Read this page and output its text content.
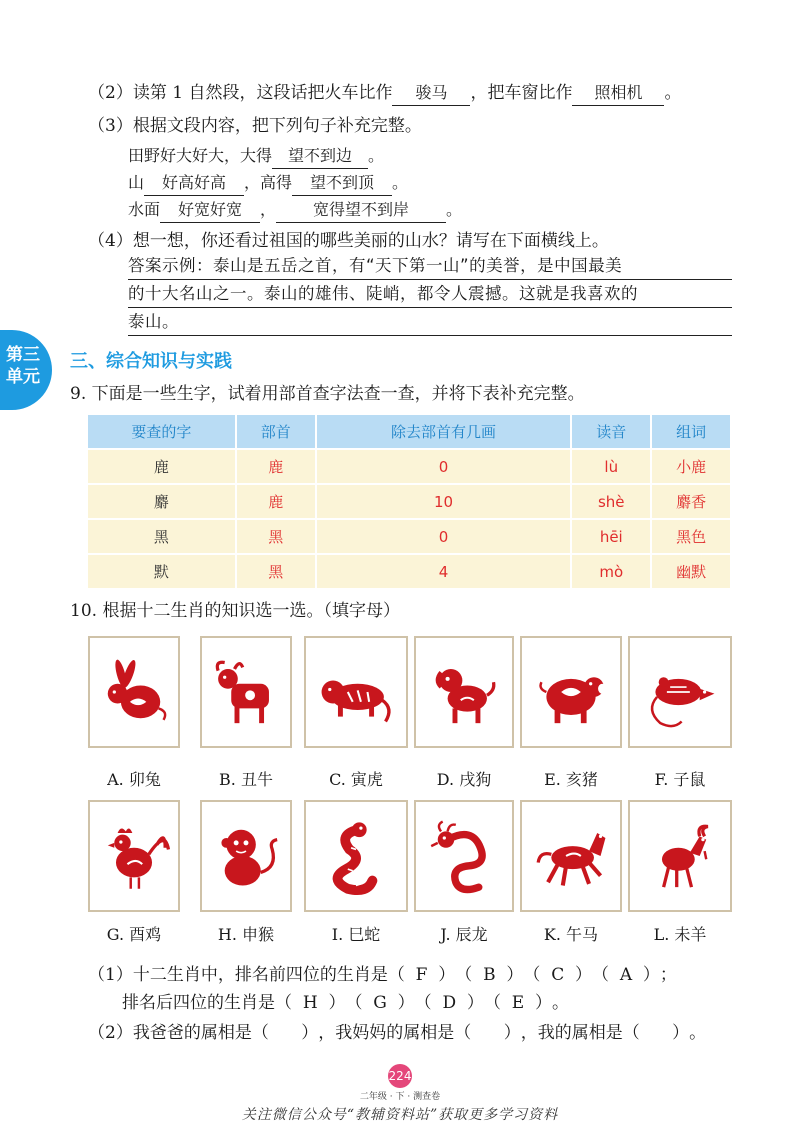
（2）读第 1 自然段，这段话把火车比作 骏马 ，把车窗比作 照相机 。
（3）根据文段内容，把下列句子补充完整。
田野好大好大，大得 望不到边 。
山 好高好高 ，高得 望不到顶 。
水面 好宽好宽 ， 宽得望不到岸 。
（4）想一想，你还看过祖国的哪些美丽的山水？请写在下面横线上。
答案示例：泰山是五岳之首，有“天下第一山”的美誉，是中国最美
的十大名山之一。泰山的雄伟、陡峭，都令人震撼。这就是我喜欢的
泰山。
第三
单元
三、综合知识与实践
9. 下面是一些生字，试着用部首查字法查一查，并将下表补充完整。
要查的字	部首	除去部首有几画	读音	组词
鹿	鹿	0	lù	小鹿
麝	鹿	10	shè	麝香
黑	黑	0	hēi	黑色
默	黑	4	mò	幽默
10. 根据十二生肖的知识选一选。（填字母）
A. 卯兔	B. 丑牛	C. 寅虎	D. 戌狗	E. 亥猪	F. 子鼠
G. 酉鸡	H. 申猴	I. 巳蛇	J. 辰龙	K. 午马	L. 未羊
（1）十二生肖中，排名前四位的生肖是（  F  ）（  B  ）（  C  ）（  A  ）；
排名后四位的生肖是（  H  ）（  G  ）（  D  ）（  E  ）。
（2）我爸爸的属相是（      ），我妈妈的属相是（      ），我的属相是（      ）。
224
二年级 · 下 · 测查卷
关注微信公众号“教辅资料站”获取更多学习资料
